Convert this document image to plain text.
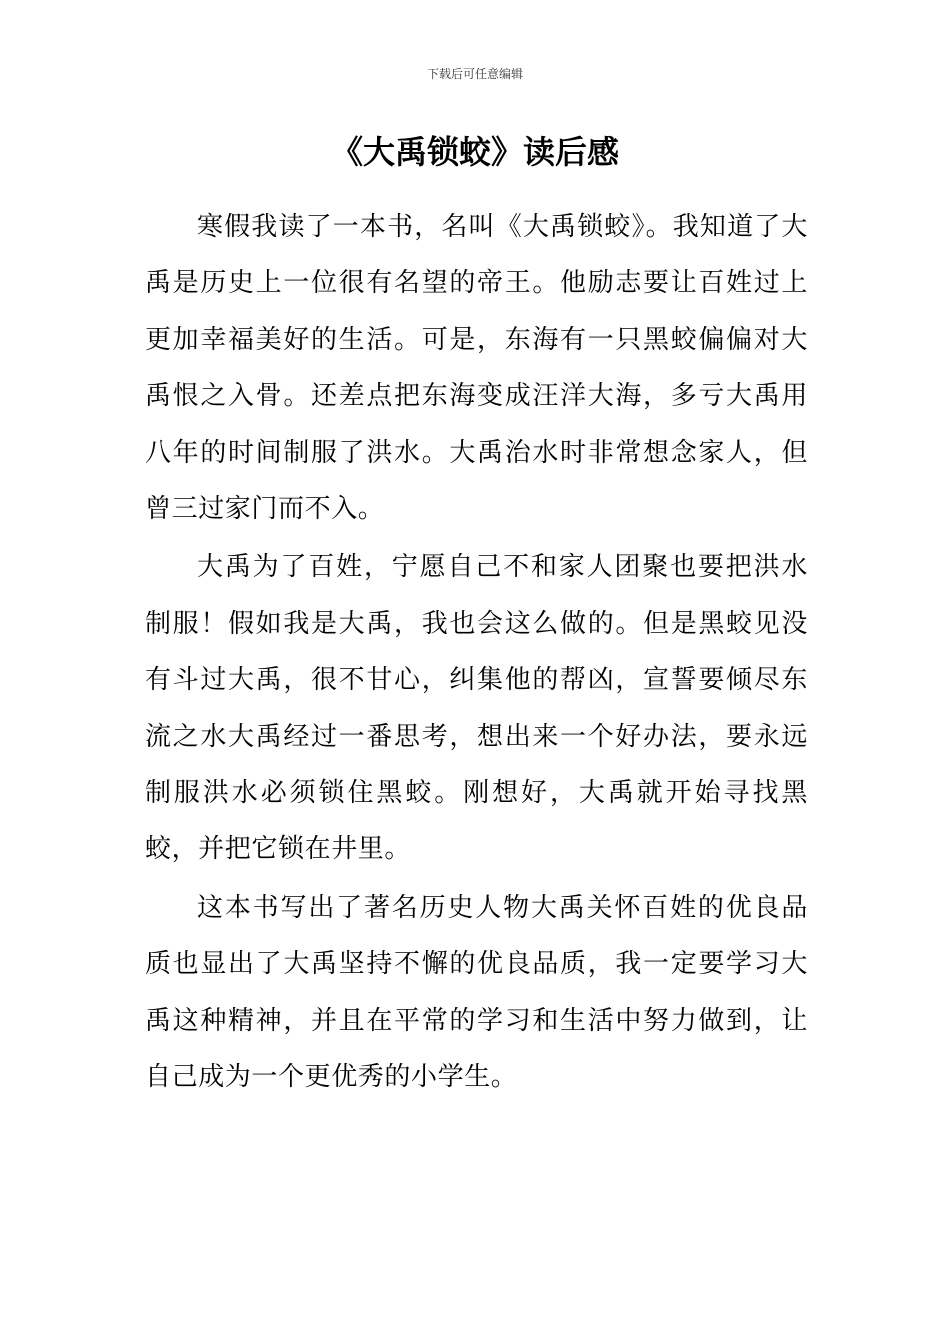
下载后可任意编辑
《大禹锁蛟》读后感

寒假我读了一本书，名叫《大禹锁蛟》。我知道了大禹是历史上一位很有名望的帝王。他励志要让百姓过上更加幸福美好的生活。可是，东海有一只黑蛟偏偏对大禹恨之入骨。还差点把东海变成汪洋大海，多亏大禹用八年的时间制服了洪水。大禹治水时非常想念家人，但曾三过家门而不入。

大禹为了百姓，宁愿自己不和家人团聚也要把洪水制服！假如我是大禹，我也会这么做的。但是黑蛟见没有斗过大禹，很不甘心，纠集他的帮凶，宣誓要倾尽东流之水大禹经过一番思考，想出来一个好办法，要永远制服洪水必须锁住黑蛟。刚想好，大禹就开始寻找黑蛟，并把它锁在井里。

这本书写出了著名历史人物大禹关怀百姓的优良品质也显出了大禹坚持不懈的优良品质，我一定要学习大禹这种精神，并且在平常的学习和生活中努力做到，让自己成为一个更优秀的小学生。
